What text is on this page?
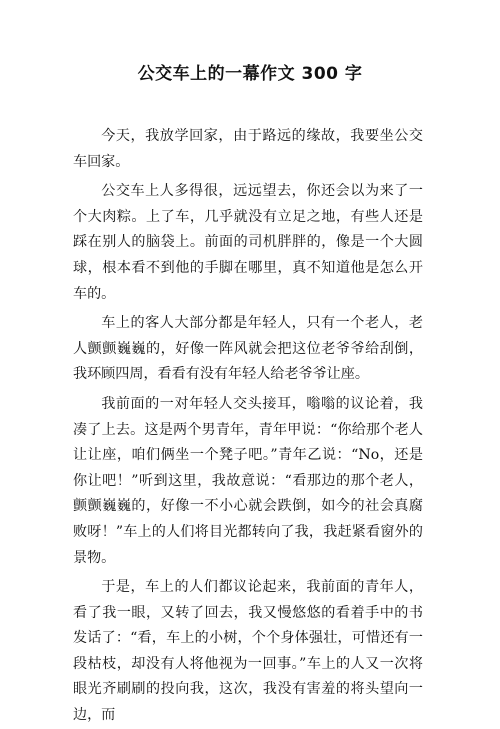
公交车上的一幕作文 300 字

今天，我放学回家，由于路远的缘故，我要坐公交车回家。

公交车上人多得很，远远望去，你还会以为来了一个大肉粽。上了车，几乎就没有立足之地，有些人还是踩在别人的脑袋上。前面的司机胖胖的，像是一个大圆球，根本看不到他的手脚在哪里，真不知道他是怎么开车的。

车上的客人大部分都是年轻人，只有一个老人，老人颤颤巍巍的，好像一阵风就会把这位老爷爷给刮倒，我环顾四周，看看有没有年轻人给老爷爷让座。

我前面的一对年轻人交头接耳，嗡嗡的议论着，我凑了上去。这是两个男青年，青年甲说：“你给那个老人让让座，咱们俩坐一个凳子吧。”青年乙说：“No，还是你让吧！”听到这里，我故意说：“看那边的那个老人，颤颤巍巍的，好像一不小心就会跌倒，如今的社会真腐败呀！”车上的人们将目光都转向了我，我赶紧看窗外的景物。

于是，车上的人们都议论起来，我前面的青年人，看了我一眼，又转了回去，我又慢悠悠的看着手中的书发话了：“看，车上的小树，个个身体强壮，可惜还有一段枯枝，却没有人将他视为一回事。”车上的人又一次将眼光齐刷刷的投向我，这次，我没有害羞的将头望向一边，而
